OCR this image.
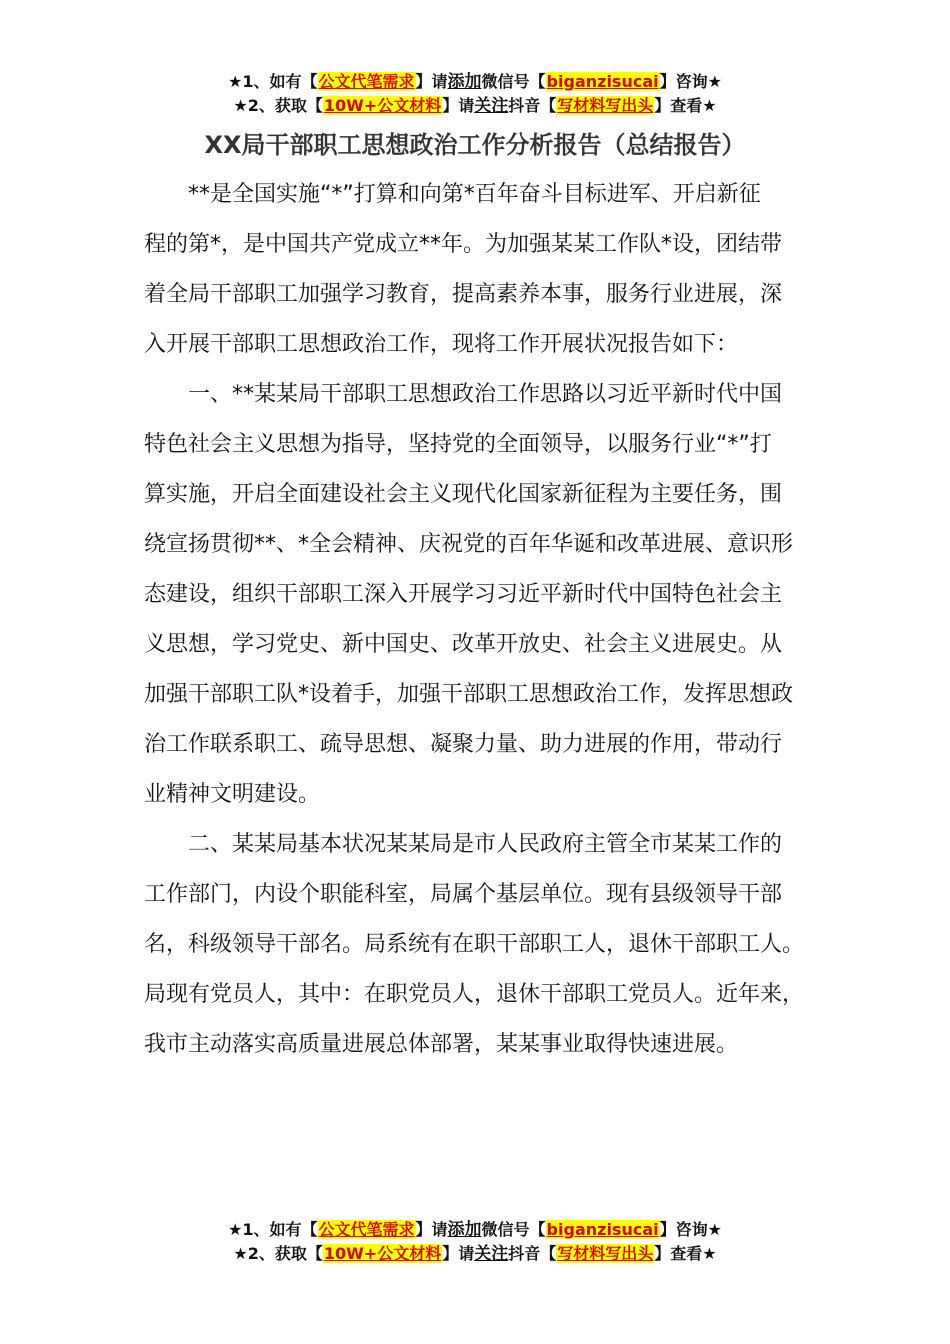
★1、如有【公文代笔需求】请添加微信号【biganzisucai】咨询★
★2、获取【10W+公文材料】请关注抖音【写材料写出头】查看★
XX局干部职工思想政治工作分析报告（总结报告）

**是全国实施“*”打算和向第*百年奋斗目标进军、开启新征
程的第*，是中国共产党成立**年。为加强某某工作队*设，团结带
着全局干部职工加强学习教育，提高素养本事，服务行业进展，深
入开展干部职工思想政治工作，现将工作开展状况报告如下：

一、**某某局干部职工思想政治工作思路以习近平新时代中国
特色社会主义思想为指导，坚持党的全面领导，以服务行业“*”打
算实施，开启全面建设社会主义现代化国家新征程为主要任务，围
绕宣扬贯彻**、*全会精神、庆祝党的百年华诞和改革进展、意识形
态建设，组织干部职工深入开展学习习近平新时代中国特色社会主
义思想，学习党史、新中国史、改革开放史、社会主义进展史。从
加强干部职工队*设着手，加强干部职工思想政治工作，发挥思想政
治工作联系职工、疏导思想、凝聚力量、助力进展的作用，带动行
业精神文明建设。

二、某某局基本状况某某局是市人民政府主管全市某某工作的
工作部门，内设个职能科室，局属个基层单位。现有县级领导干部
名，科级领导干部名。局系统有在职干部职工人，退休干部职工人。
局现有党员人，其中：在职党员人，退休干部职工党员人。近年来，
我市主动落实高质量进展总体部署，某某事业取得快速进展。

★1、如有【公文代笔需求】请添加微信号【biganzisucai】咨询★
★2、获取【10W+公文材料】请关注抖音【写材料写出头】查看★
